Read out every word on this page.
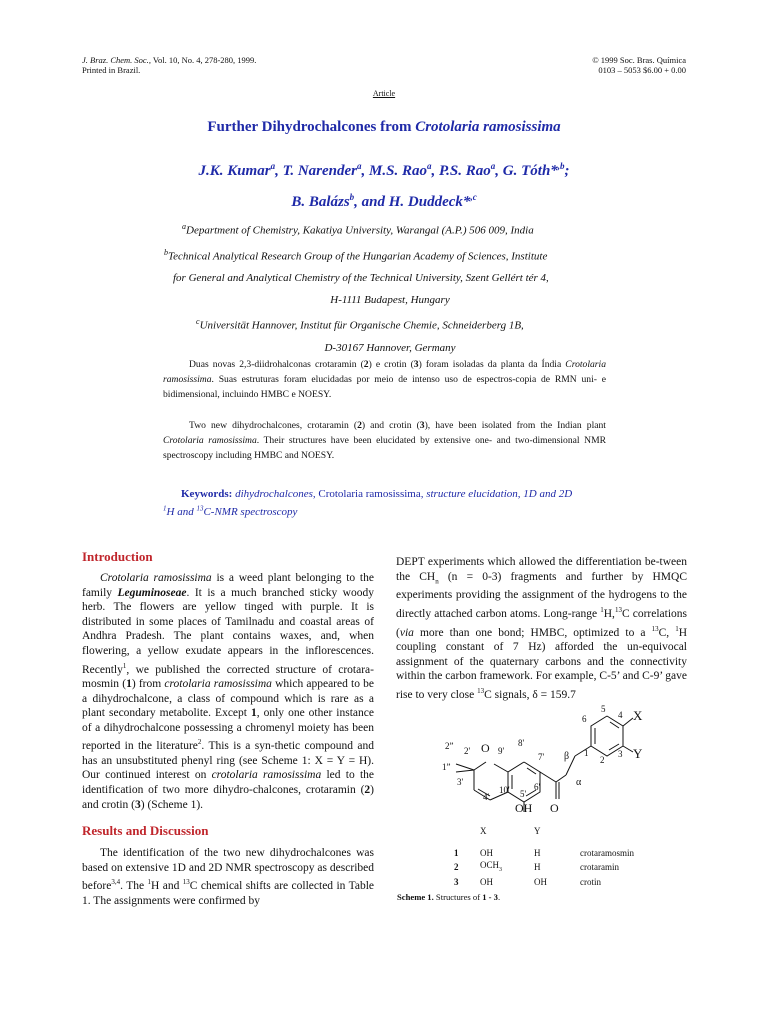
J. Braz. Chem. Soc., Vol. 10, No. 4, 278-280, 1999.
Printed in Brazil.
© 1999 Soc. Bras. Química
0103 – 5053 $6.00 + 0.00
Article
Further Dihydrochalcones from Crotolaria ramosissima
J.K. Kumar$^a$, T. Narender$^a$, M.S. Rao$^a$, P.S. Rao$^a$, G. Tóth*$^{,b}$;
B. Balázs$^b$, and H. Duddeck*$^{,c}$
$^a$Department of Chemistry, Kakatiya University, Warangal (A.P.) 506 009, India
$^b$Technical Analytical Research Group of the Hungarian Academy of Sciences, Institute
for General and Analytical Chemistry of the Technical University, Szent Gellért tér 4,
H-1111 Budapest, Hungary
$^c$Universität Hannover, Institut für Organische Chemie, Schneiderberg 1B,
D-30167 Hannover, Germany
Duas novas 2,3-diidrohalconas crotaramin (2) e crotin (3) foram isoladas da planta da Índia Crotolaria ramosissima. Suas estruturas foram elucidadas por meio de intenso uso de espectros-copia de RMN uni- e bidimensional, incluindo HMBC e NOESY.
Two new dihydrochalcones, crotaramin (2) and crotin (3), have been isolated from the Indian plant Crotolaria ramosissima. Their structures have been elucidated by extensive one- and two-dimensional NMR spectroscopy including HMBC and NOESY.
Keywords: dihydrochalcones, Crotolaria ramosissima, structure elucidation, 1D and 2D
$^1$H and $^{13}$C-NMR spectroscopy
Introduction
Crotolaria ramosissima is a weed plant belonging to the family Leguminoseae. It is a much branched sticky woody herb. The flowers are yellow tinged with purple. It is distributed in some places of Tamilnadu and coastal areas of Andhra Pradesh. The plant contains waxes, and, when flowering, a yellow exudate appears in the inflorescences. Recently$^1$, we published the corrected structure of crotara-mosmin (1) from crotolaria ramosissima which appeared to be a dihydrochalcone, a class of compound which is rare as a plant secondary metabolite. Except 1, only one other instance of a dihydrochalcone possessing a chromenyl moiety has been reported in the literature$^2$. This is a syn-thetic compound and has an unsubstituted phenyl ring (see Scheme 1: X = Y = H). Our continued interest on crotolaria ramosissima led to the identification of two more dihydro-chalcones, crotaramin (2) and crotin (3) (Scheme 1).
Results and Discussion
The identification of the two new dihydrochalcones was based on extensive 1D and 2D NMR spectroscopy as described before$^{3,4}$. The $^1$H and $^{13}$C chemical shifts are collected in Table 1. The assignments were confirmed by
DEPT experiments which allowed the differentiation be-tween the $CH_n$ (n = 0-3) fragments and further by HMQC experiments providing the assignment of the hydrogens to the directly attached carbon atoms. Long-range $^1$H,$^{13}$C correlations (via more than one bond; HMBC, optimized to a $^{13}$C, $^1$H coupling constant of 7 Hz) afforded the un-equivocal assignment of the quaternary carbons and the connectivity within the carbon framework. For example, C-5’ and C-9’ gave rise to very close $^{13}$C signals, δ = 159.7
5
4 X
6
1
2
3 Y
β
α
2” O 9'
8'
2'
7'
1”
3'
10'	6'
4'	5'
OH O
	X	Y	

1	OH	H	crotaramosmin
2	$OCH_3$	H	crotaramin
3	OH	OH	crotin
Scheme 1. Structures of 1 - 3.
